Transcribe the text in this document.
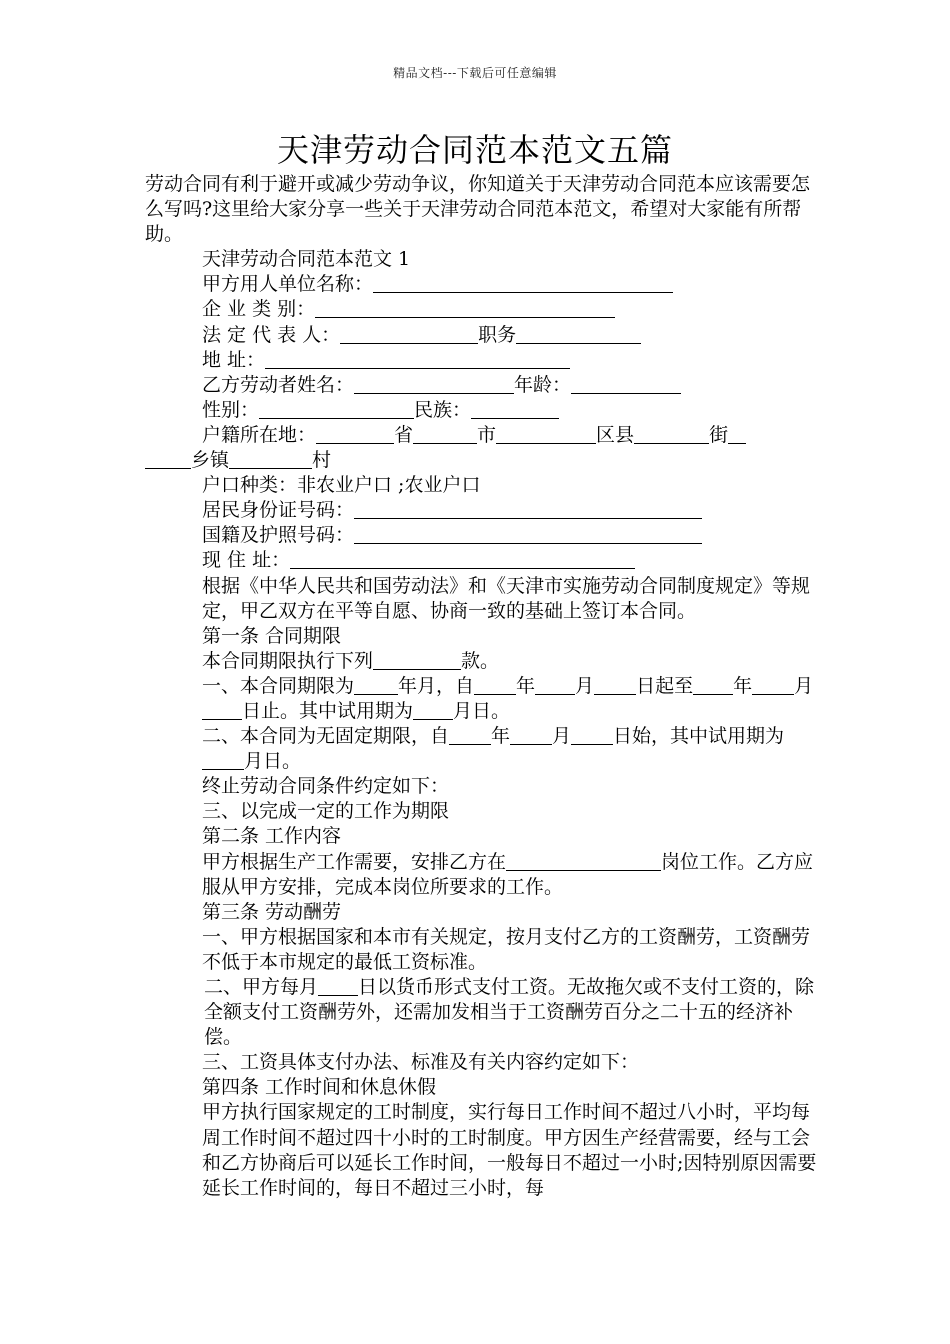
精品文档---下载后可任意编辑
天津劳动合同范本范文五篇

劳动合同有利于避开或减少劳动争议，你知道关于天津劳动合同范本应该需要怎么写吗?这里给大家分享一些关于天津劳动合同范本范文，希望对大家能有所帮助。

天津劳动合同范本范文 1

甲方用人单位名称：

企 业 类 别：

法 定 代 表 人：	职务

地 址：

乙方劳动者姓名：	年龄：

性别：	民族：

户籍所在地：	省	市	区县	街

乡镇	村

户口种类：非农业户口 ;农业户口

居民身份证号码：

国籍及护照号码：

现 住 址：

根据《中华人民共和国劳动法》和《天津市实施劳动合同制度规定》等规定，甲乙双方在平等自愿、协商一致的基础上签订本合同。

第一条 合同期限

本合同期限执行下列	款。

一、本合同期限为 年月，自 年 月 日起至 年 月日止。其中试用期为 月日。

二、本合同为无固定期限，自 年 月 日始，其中试用期为月日。

终止劳动合同条件约定如下：

三、以完成一定的工作为期限

第二条 工作内容

甲方根据生产工作需要，安排乙方在	岗位工作。乙方应服从甲方安排，完成本岗位所要求的工作。

第三条 劳动酬劳

一、甲方根据国家和本市有关规定，按月支付乙方的工资酬劳，工资酬劳不低于本市规定的最低工资标准。

二、甲方每月 日以货币形式支付工资。无故拖欠或不支付工资的，除全额支付工资酬劳外，还需加发相当于工资酬劳百分之二十五的经济补偿。

三、工资具体支付办法、标准及有关内容约定如下：

第四条 工作时间和休息休假

甲方执行国家规定的工时制度，实行每日工作时间不超过八小时，平均每周工作时间不超过四十小时的工时制度。甲方因生产经营需要，经与工会和乙方协商后可以延长工作时间，一般每日不超过一小时;因特别原因需要延长工作时间的，每日不超过三小时，每
